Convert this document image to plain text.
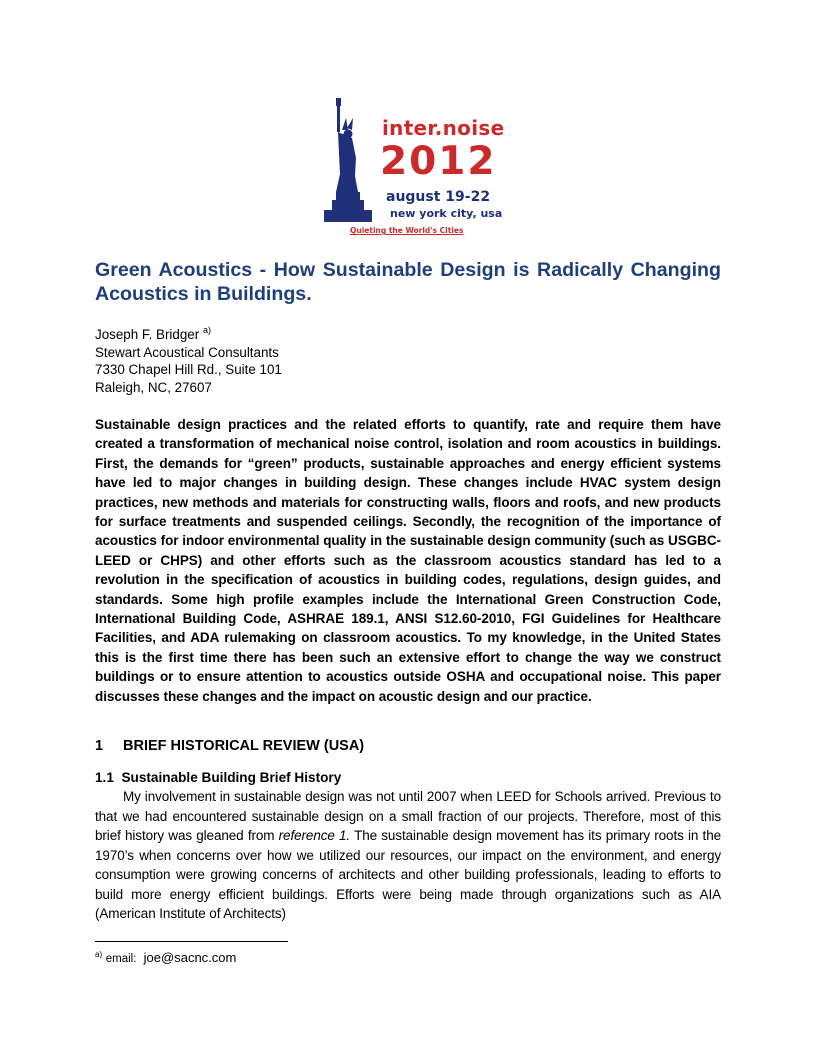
inter.noise
2012
august 19-22
new york city, usa
Quieting the World's Cities
Green Acoustics - How Sustainable Design is Radically Changing Acoustics in Buildings.
Joseph F. Bridger $^{a)}$
Stewart Acoustical Consultants
7330 Chapel Hill Rd., Suite 101
Raleigh, NC, 27607

Sustainable design practices and the related efforts to quantify, rate and require them have created a transformation of mechanical noise control, isolation and room acoustics in buildings. First, the demands for “green” products, sustainable approaches and energy efficient systems have led to major changes in building design. These changes include HVAC system design practices, new methods and materials for constructing walls, floors and roofs, and new products for surface treatments and suspended ceilings. Secondly, the recognition of the importance of acoustics for indoor environmental quality in the sustainable design community (such as USGBC-LEED or CHPS) and other efforts such as the classroom acoustics standard has led to a revolution in the specification of acoustics in building codes, regulations, design guides, and standards. Some high profile examples include the International Green Construction Code, International Building Code, ASHRAE 189.1, ANSI S12.60-2010, FGI Guidelines for Healthcare Facilities, and ADA rulemaking on classroom acoustics. To my knowledge, in the United States this is the first time there has been such an extensive effort to change the way we construct buildings or to ensure attention to acoustics outside OSHA and occupational noise. This paper discusses these changes and the impact on acoustic design and our practice.

1 BRIEF HISTORICAL REVIEW (USA)
1.1 Sustainable Building Brief History

My involvement in sustainable design was not until 2007 when LEED for Schools arrived. Previous to that we had encountered sustainable design on a small fraction of our projects. Therefore, most of this brief history was gleaned from reference 1. The sustainable design movement has its primary roots in the 1970’s when concerns over how we utilized our resources, our impact on the environment, and energy consumption were growing concerns of architects and other building professionals, leading to efforts to build more energy efficient buildings. Efforts were being made through organizations such as AIA (American Institute of Architects)

$^{a)}$ email: joe@sacnc.com
